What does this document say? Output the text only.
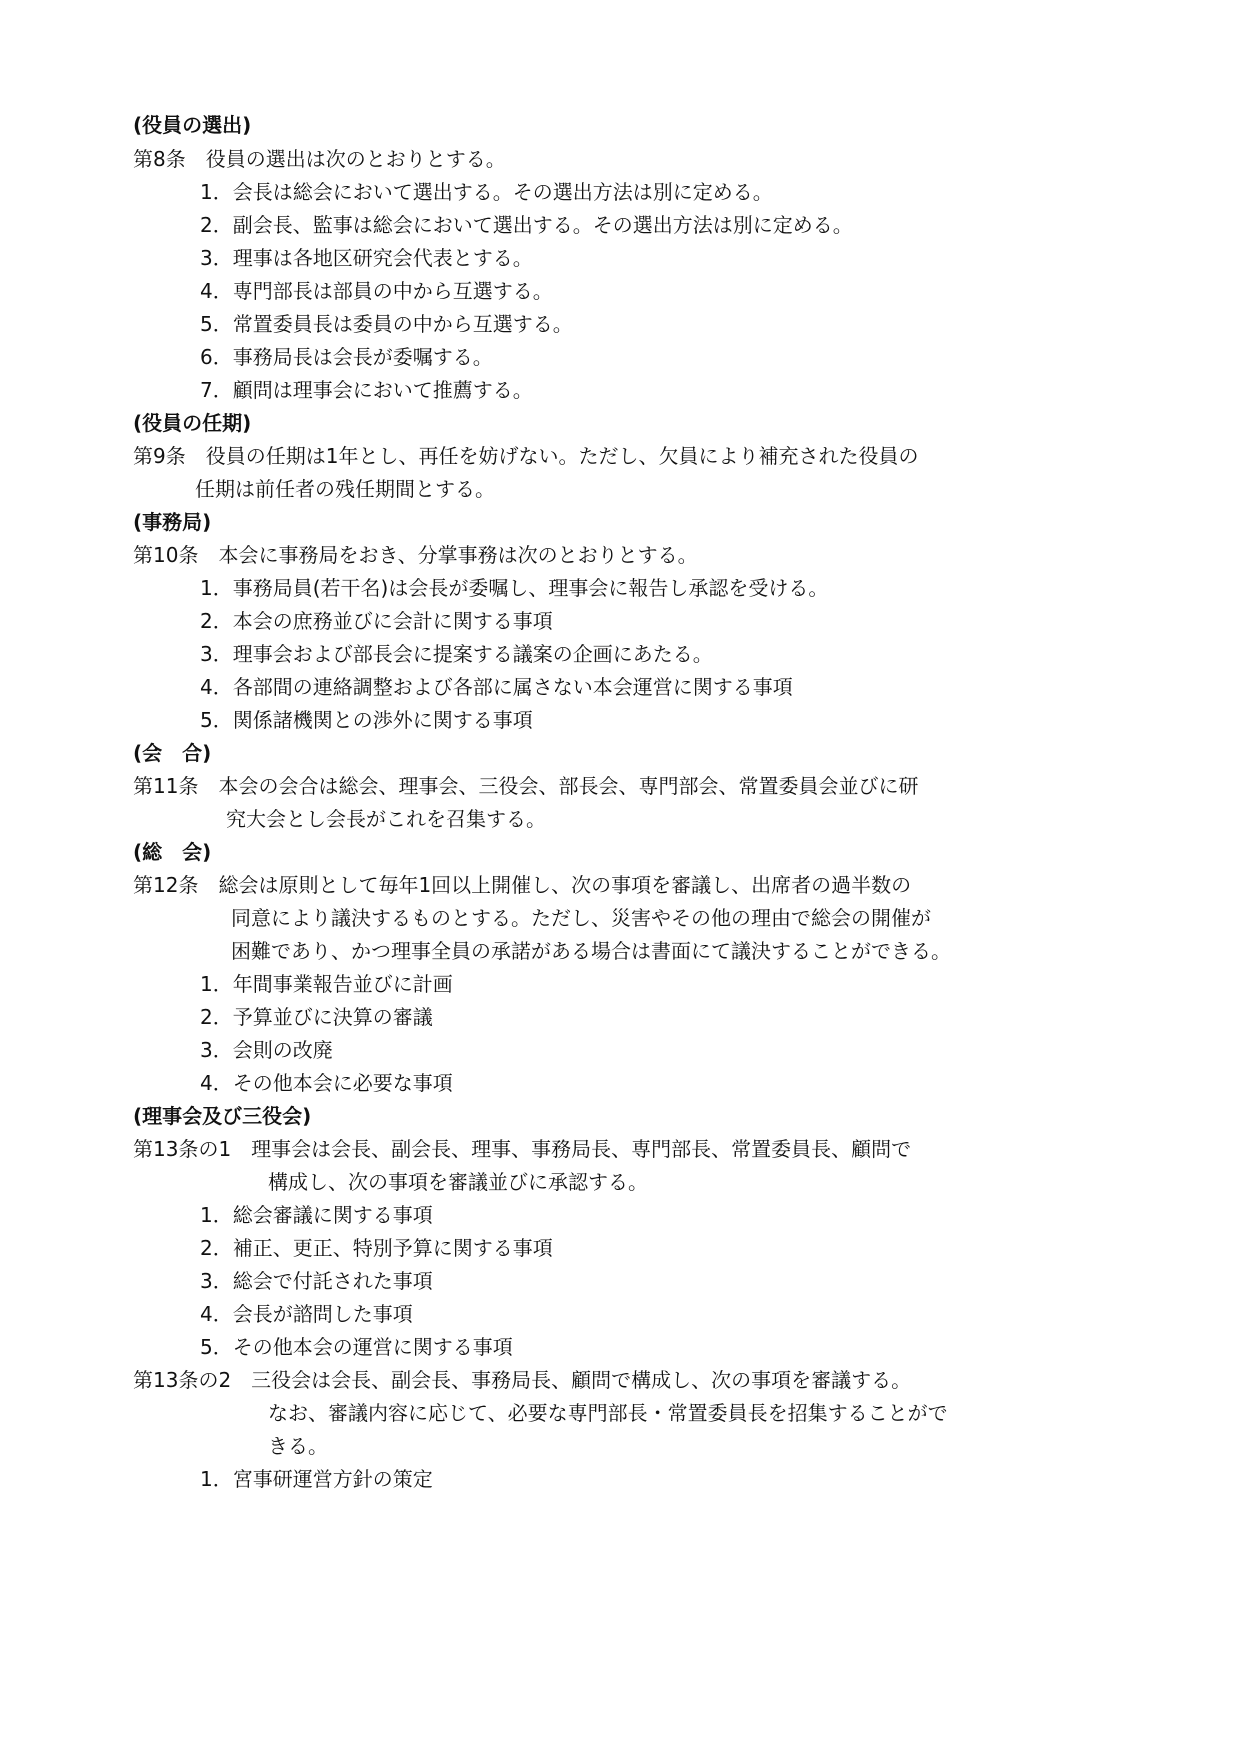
(役員の選出)
第8条　役員の選出は次のとおりとする。
1．会長は総会において選出する。その選出方法は別に定める。
2．副会長、監事は総会において選出する。その選出方法は別に定める。
3．理事は各地区研究会代表とする。
4．専門部長は部員の中から互選する。
5．常置委員長は委員の中から互選する。
6．事務局長は会長が委嘱する。
7．顧問は理事会において推薦する。
(役員の任期)
第9条　役員の任期は1年とし、再任を妨げない。ただし、欠員により補充された役員の
任期は前任者の残任期間とする。
(事務局)
第10条　本会に事務局をおき、分掌事務は次のとおりとする。
1．事務局員(若干名)は会長が委嘱し、理事会に報告し承認を受ける。
2．本会の庶務並びに会計に関する事項
3．理事会および部長会に提案する議案の企画にあたる。
4．各部間の連絡調整および各部に属さない本会運営に関する事項
5．関係諸機関との渉外に関する事項
(会　合)
第11条　本会の会合は総会、理事会、三役会、部長会、専門部会、常置委員会並びに研
究大会とし会長がこれを召集する。
(総　会)
第12条　総会は原則として毎年1回以上開催し、次の事項を審議し、出席者の過半数の
同意により議決するものとする。ただし、災害やその他の理由で総会の開催が
困難であり、かつ理事全員の承諾がある場合は書面にて議決することができる。
1．年間事業報告並びに計画
2．予算並びに決算の審議
3．会則の改廃
4．その他本会に必要な事項
(理事会及び三役会)
第13条の1　理事会は会長、副会長、理事、事務局長、専門部長、常置委員長、顧問で
構成し、次の事項を審議並びに承認する。
1．総会審議に関する事項
2．補正、更正、特別予算に関する事項
3．総会で付託された事項
4．会長が諮問した事項
5．その他本会の運営に関する事項
第13条の2　三役会は会長、副会長、事務局長、顧問で構成し、次の事項を審議する。
なお、審議内容に応じて、必要な専門部長・常置委員長を招集することがで
きる。
1．宮事研運営方針の策定
